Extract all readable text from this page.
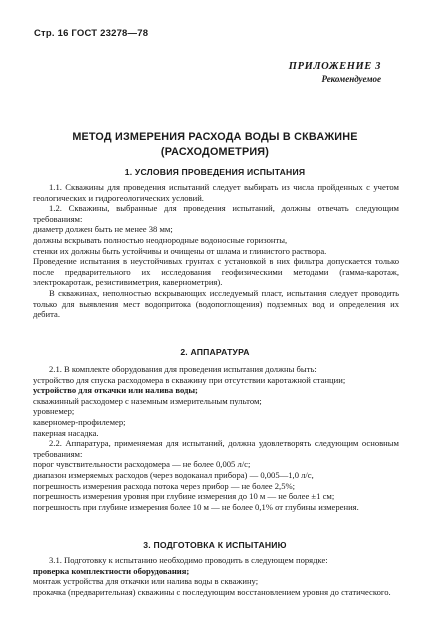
Стр. 16 ГОСТ 23278—78
ПРИЛОЖЕНИЕ 3
Рекомендуемое
МЕТОД ИЗМЕРЕНИЯ РАСХОДА ВОДЫ В СКВАЖИНЕ
(РАСХОДОМЕТРИЯ)
1. УСЛОВИЯ ПРОВЕДЕНИЯ ИСПЫТАНИЯ

1.1. Скважины для проведения испытаний следует выбирать из числа пройденных с учетом геологических и гидрогеологических условий.

1.2. Скважины, выбранные для проведения испытаний, должны отвечать следующим требованиям:

диаметр должен быть не менее 38 мм;

должны вскрывать полностью неоднородные водоносные горизонты,

стенки их должны быть устойчивы и очищены от шлама и глинистого раствора.

Проведение испытания в неустойчивых грунтах с установкой в них фильтра допускается только после предварительного их исследования геофизическими методами (гамма-каротаж, электрокаротаж, резистивиметрия, кавернометрия).

В скважинах, неполностью вскрывающих исследуемый пласт, испытания следует проводить только для выявления мест водопритока (водопоглощения) подземных вод и определения их дебита.

2. АППАРАТУРА

2.1. В комплекте оборудования для проведения испытания должны быть:

устройство для спуска расходомера в скважину при отсутствии каротажной станции;

устройство для откачки или налива воды;

скважинный расходомер с наземным измерительным пультом;

уровнемер;

каверномер-профилемер;

пакерная насадка.

2.2. Аппаратура, применяемая для испытаний, должна удовлетворять следующим основным требованиям:

порог чувствительности расходомера — не более 0,005 л/с;

диапазон измеряемых расходов (через водоканал прибора) — 0,005—1,0 л/с,

погрешность измерения расхода потока через прибор — не более 2,5%;

погрешность измерения уровня при глубине измерения до 10 м — не более ±1 см;

погрешность при глубине измерения более 10 м — не более 0,1% от глубины измерения.

3. ПОДГОТОВКА К ИСПЫТАНИЮ

3.1. Подготовку к испытанию необходимо проводить в следующем порядке:

проверка комплектности оборудования;

монтаж устройства для откачки или налива воды в скважину;

прокачка (предварительная) скважины с последующим восстановлением уровня до статического.
